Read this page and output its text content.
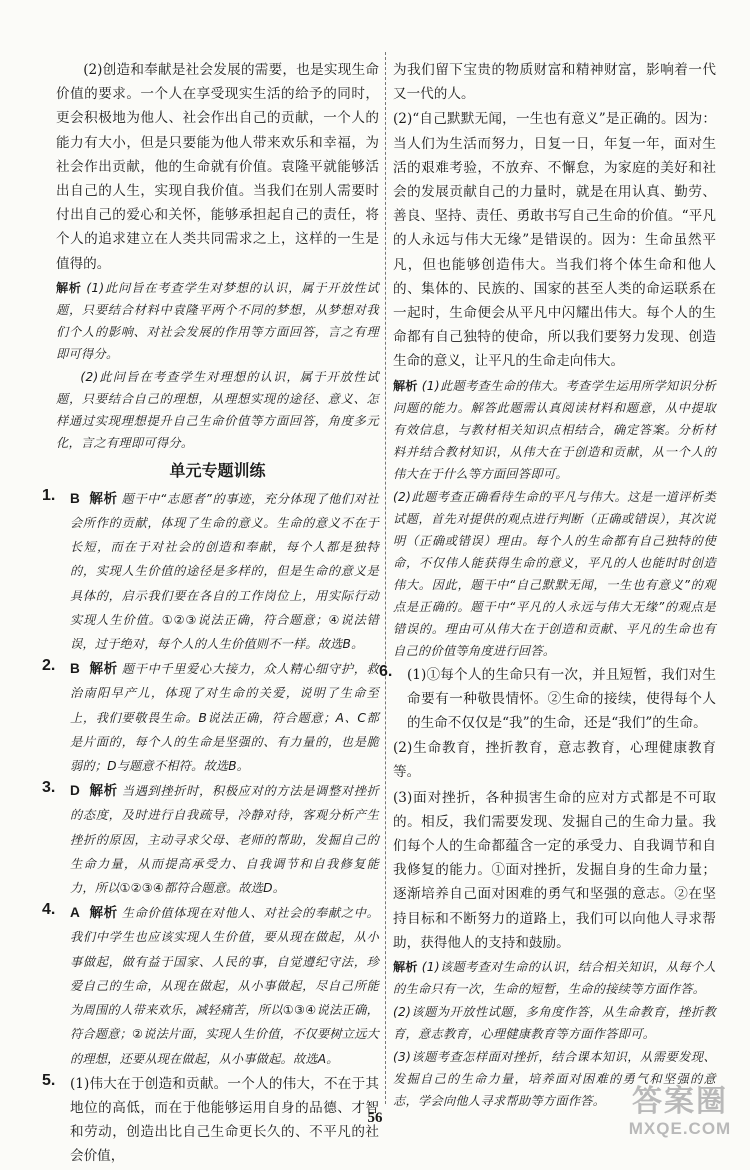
(2)创造和奉献是社会发展的需要，也是实现生命价值的要求。一个人在享受现实生活的给予的同时，更会积极地为他人、社会作出自己的贡献，一个人的能力有大小，但是只要能为他人带来欢乐和幸福，为社会作出贡献，他的生命就有价值。袁隆平就能够活出自己的人生，实现自我价值。当我们在别人需要时付出自己的爱心和关怀，能够承担起自己的责任，将个人的追求建立在人类共同需求之上，这样的一生是值得的。

解析 (1)此问旨在考查学生对梦想的认识，属于开放性试题，只要结合材料中袁隆平两个不同的梦想，从梦想对我们个人的影响、对社会发展的作用等方面回答，言之有理即可得分。

(2)此问旨在考查学生对理想的认识，属于开放性试题，只要结合自己的理想，从理想实现的途径、意义、怎样通过实现理想提升自己生命价值等方面回答，角度多元化，言之有理即可得分。

单元专题训练
1. B 解析 题干中“志愿者”的事迹，充分体现了他们对社会所作的贡献，体现了生命的意义。生命的意义不在于长短，而在于对社会的创造和奉献，每个人都是独特的，实现人生价值的途径是多样的，但是生命的意义是具体的，启示我们要在各自的工作岗位上，用实际行动实现人生价值。①②③说法正确，符合题意；④说法错误，过于绝对，每个人的人生价值则不一样。故选B。

2. B 解析 题干中千里爱心大接力，众人精心细守护，救治南阳早产儿，体现了对生命的关爱，说明了生命至上，我们要敬畏生命。B说法正确，符合题意；A、C都是片面的，每个人的生命是坚强的、有力量的，也是脆弱的；D与题意不相符。故选B。

3. D 解析 当遇到挫折时，积极应对的方法是调整对挫折的态度，及时进行自我疏导，冷静对待，客观分析产生挫折的原因，主动寻求父母、老师的帮助，发掘自己的生命力量，从而提高承受力、自我调节和自我修复能力，所以①②③④都符合题意。故选D。

4. A 解析 生命价值体现在对他人、对社会的奉献之中。我们中学生也应该实现人生价值，要从现在做起，从小事做起，做有益于国家、人民的事，自觉遵纪守法，珍爱自己的生命，从现在做起，从小事做起，尽自己所能为周围的人带来欢乐，减轻痛苦，所以①③④说法正确，符合题意；②说法片面，实现人生价值，不仅要树立远大的理想，还要从现在做起，从小事做起。故选A。

5. (1)伟大在于创造和贡献。一个人的伟大，不在于其地位的高低，而在于他能够运用自身的品德、才智和劳动，创造出比自己生命更长久的、不平凡的社会价值，

为我们留下宝贵的物质财富和精神财富，影响着一代又一代的人。

(2)“自己默默无闻，一生也有意义”是正确的。因为：当人们为生活而努力，日复一日，年复一年，面对生活的艰难考验，不放弃、不懈怠，为家庭的美好和社会的发展贡献自己的力量时，就是在用认真、勤劳、善良、坚持、责任、勇敢书写自己生命的价值。“平凡的人永远与伟大无缘”是错误的。因为：生命虽然平凡，但也能够创造伟大。当我们将个体生命和他人的、集体的、民族的、国家的甚至人类的命运联系在一起时，生命便会从平凡中闪耀出伟大。每个人的生命都有自己独特的使命，所以我们要努力发现、创造生命的意义，让平凡的生命走向伟大。

解析 (1)此题考查生命的伟大。考查学生运用所学知识分析问题的能力。解答此题需认真阅读材料和题意，从中提取有效信息，与教材相关知识点相结合，确定答案。分析材料并结合教材知识，从伟大在于创造和贡献，从一个人的伟大在于什么等方面回答即可。

(2)此题考查正确看待生命的平凡与伟大。这是一道评析类试题，首先对提供的观点进行判断（正确或错误），其次说明（正确或错误）理由。每个人的生命都有自己独特的使命，不仅伟人能获得生命的意义，平凡的人也能时时创造伟大。因此，题干中“自己默默无闻，一生也有意义”的观点是正确的。题干中“平凡的人永远与伟大无缘”的观点是错误的。理由可从伟大在于创造和贡献、平凡的生命也有自己的价值等角度进行回答。

6. (1)①每个人的生命只有一次，并且短暂，我们对生命要有一种敬畏情怀。②生命的接续，使得每个人的生命不仅仅是“我”的生命，还是“我们”的生命。

(2)生命教育，挫折教育，意志教育，心理健康教育等。

(3)面对挫折，各种损害生命的应对方式都是不可取的。相反，我们需要发现、发掘自己的生命力量。我们每个人的生命都蕴含一定的承受力、自我调节和自我修复的能力。①面对挫折，发掘自身的生命力量；逐渐培养自己面对困难的勇气和坚强的意志。②在坚持目标和不断努力的道路上，我们可以向他人寻求帮助，获得他人的支持和鼓励。

解析 (1)该题考查对生命的认识，结合相关知识，从每个人的生命只有一次，生命的短暂，生命的接续等方面作答。

(2)该题为开放性试题，多角度作答，从生命教育，挫折教育，意志教育，心理健康教育等方面作答即可。

(3)该题考查怎样面对挫折，结合课本知识，从需要发现、发掘自己的生命力量，培养面对困难的勇气和坚强的意志，学会向他人寻求帮助等方面作答。

56	答案圈
MXQE.COM
